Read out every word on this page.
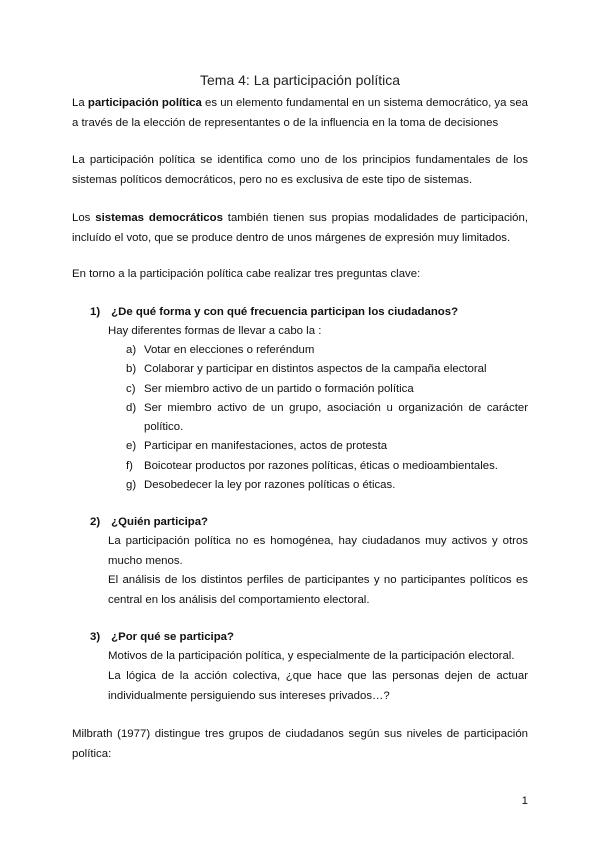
Tema 4: La participación política

La participación política es un elemento fundamental en un sistema democrático, ya sea a través de la elección de representantes o de la influencia en la toma de decisiones

La participación política se identifica como uno de los principios fundamentales de los sistemas políticos democráticos, pero no es exclusiva de este tipo de sistemas.

Los sistemas democráticos también tienen sus propias modalidades de participación, incluído el voto, que se produce dentro de unos márgenes de expresión muy limitados.

En torno a la participación política cabe realizar tres preguntas clave:

1) ¿De qué forma y con qué frecuencia participan los ciudadanos?

Hay diferentes formas de llevar a cabo la :

a) Votar en elecciones o referéndum
b) Colaborar y participar en distintos aspectos de la campaña electoral
c) Ser miembro activo de un partido o formación política
d) Ser miembro activo de un grupo, asociación u organización de carácter político.
e) Participar en manifestaciones, actos de protesta
f) Boicotear productos por razones políticas, éticas o medioambientales.
g) Desobedecer la ley por razones políticas o éticas.
2) ¿Quién participa?

La participación política no es homogénea, hay ciudadanos muy activos y otros mucho menos.

El análisis de los distintos perfiles de participantes y no participantes políticos es central en los análisis del comportamiento electoral.

3) ¿Por qué se participa?

Motivos de la participación política, y especialmente de la participación electoral.

La lógica de la acción colectiva, ¿que hace que las personas dejen de actuar individualmente persiguiendo sus intereses privados…?

Milbrath (1977) distingue tres grupos de ciudadanos según sus niveles de participación política:

1
